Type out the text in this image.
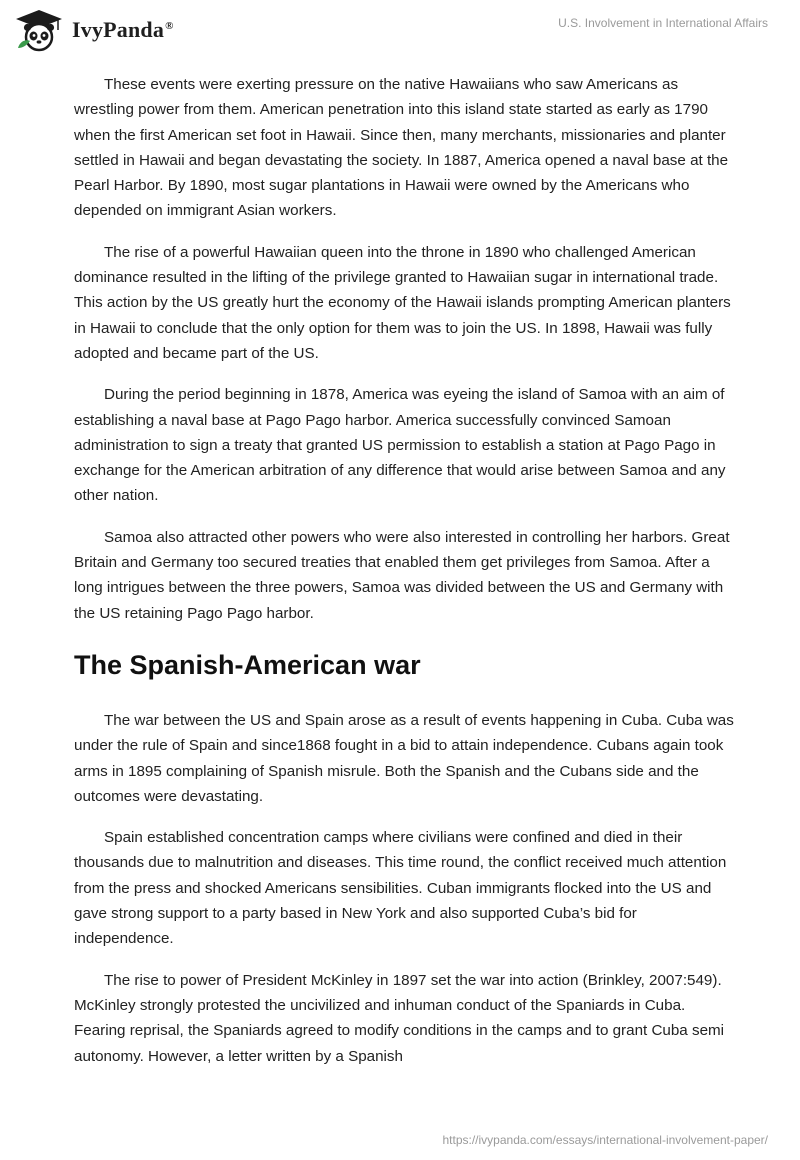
IvyPanda®	U.S. Involvement in International Affairs

These events were exerting pressure on the native Hawaiians who saw Americans as wrestling power from them. American penetration into this island state started as early as 1790 when the first American set foot in Hawaii. Since then, many merchants, missionaries and planter settled in Hawaii and began devastating the society. In 1887, America opened a naval base at the Pearl Harbor. By 1890, most sugar plantations in Hawaii were owned by the Americans who depended on immigrant Asian workers.

The rise of a powerful Hawaiian queen into the throne in 1890 who challenged American dominance resulted in the lifting of the privilege granted to Hawaiian sugar in international trade. This action by the US greatly hurt the economy of the Hawaii islands prompting American planters in Hawaii to conclude that the only option for them was to join the US. In 1898, Hawaii was fully adopted and became part of the US.

During the period beginning in 1878, America was eyeing the island of Samoa with an aim of establishing a naval base at Pago Pago harbor. America successfully convinced Samoan administration to sign a treaty that granted US permission to establish a station at Pago Pago in exchange for the American arbitration of any difference that would arise between Samoa and any other nation.

Samoa also attracted other powers who were also interested in controlling her harbors. Great Britain and Germany too secured treaties that enabled them get privileges from Samoa. After a long intrigues between the three powers, Samoa was divided between the US and Germany with the US retaining Pago Pago harbor.

The Spanish-American war

The war between the US and Spain arose as a result of events happening in Cuba. Cuba was under the rule of Spain and since1868 fought in a bid to attain independence. Cubans again took arms in 1895 complaining of Spanish misrule. Both the Spanish and the Cubans side and the outcomes were devastating.

Spain established concentration camps where civilians were confined and died in their thousands due to malnutrition and diseases. This time round, the conflict received much attention from the press and shocked Americans sensibilities. Cuban immigrants flocked into the US and gave strong support to a party based in New York and also supported Cuba’s bid for independence.

The rise to power of President McKinley in 1897 set the war into action (Brinkley, 2007:549). McKinley strongly protested the uncivilized and inhuman conduct of the Spaniards in Cuba. Fearing reprisal, the Spaniards agreed to modify conditions in the camps and to grant Cuba semi autonomy. However, a letter written by a Spanish

https://ivypanda.com/essays/international-involvement-paper/
